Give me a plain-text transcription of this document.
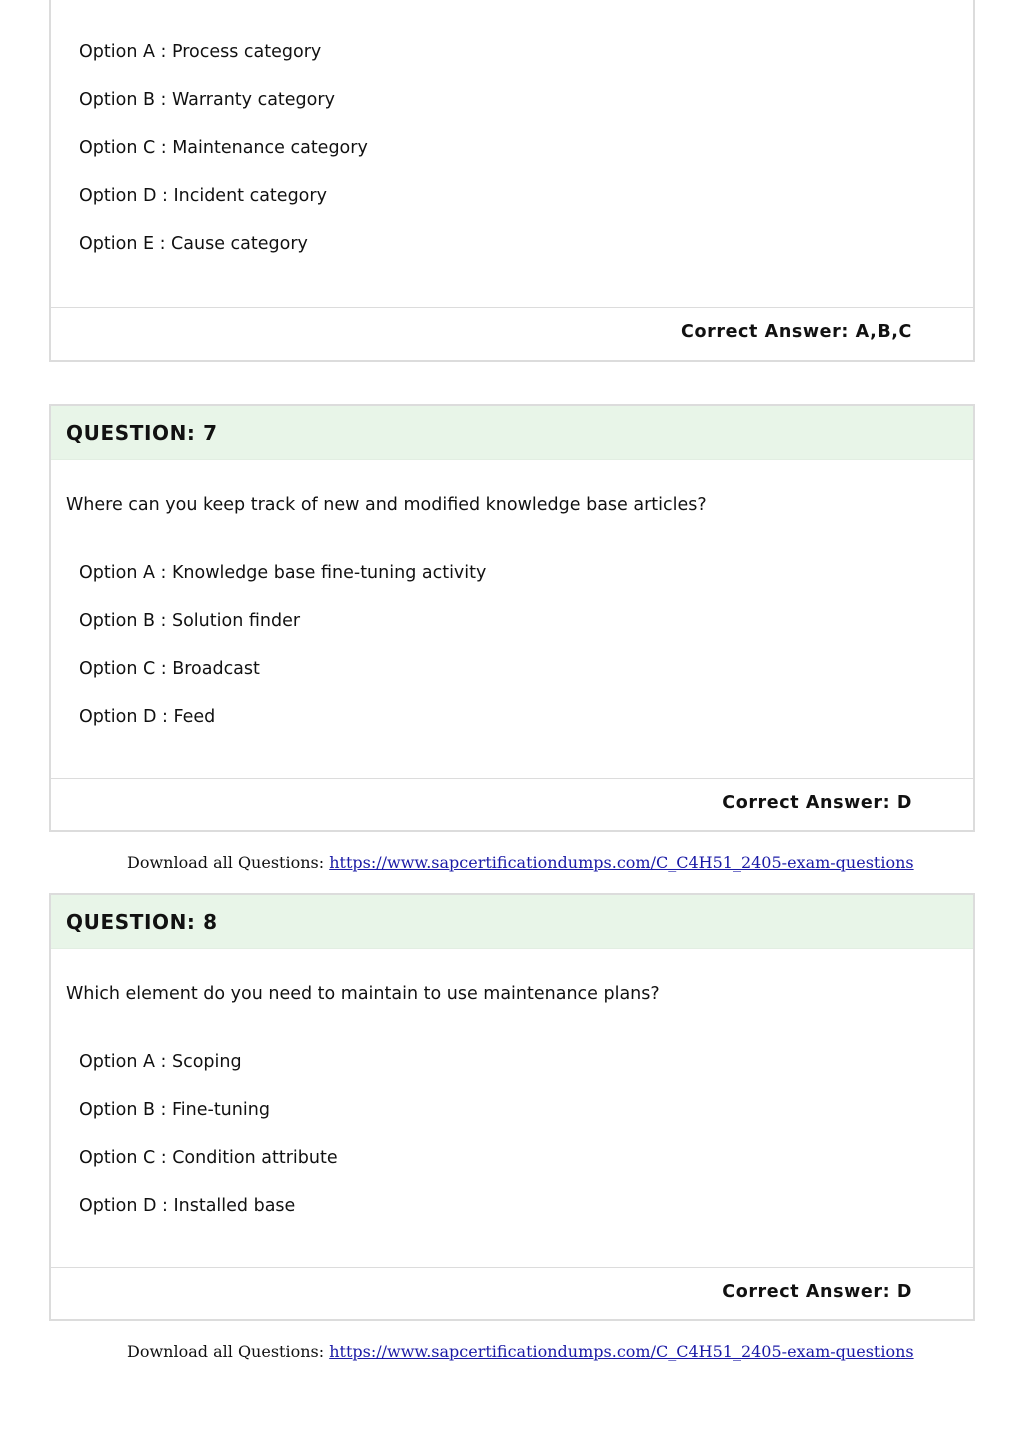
Option A : Process category
Option B : Warranty category
Option C : Maintenance category
Option D : Incident category
Option E : Cause category
Correct Answer: A,B,C
QUESTION: 7
Where can you keep track of new and modified knowledge base articles?
Option A : Knowledge base fine-tuning activity
Option B : Solution finder
Option C : Broadcast
Option D : Feed
Correct Answer: D
Download all Questions: https://www.sapcertificationdumps.com/C_C4H51_2405-exam-questions
QUESTION: 8
Which element do you need to maintain to use maintenance plans?
Option A : Scoping
Option B : Fine-tuning
Option C : Condition attribute
Option D : Installed base
Correct Answer: D
Download all Questions: https://www.sapcertificationdumps.com/C_C4H51_2405-exam-questions
